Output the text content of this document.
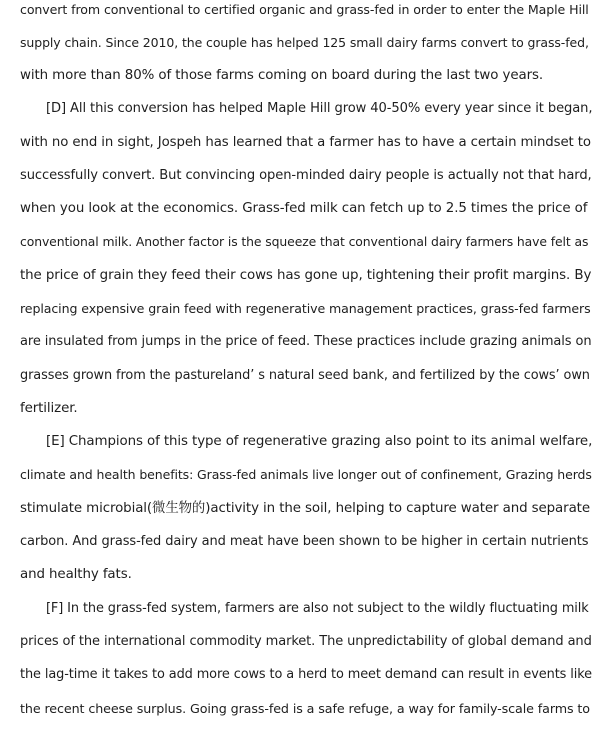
convert from conventional to certified organic and grass-fed in order to enter the Maple Hill
supply chain. Since 2010, the couple has helped 125 small dairy farms convert to grass-fed,
with more than 80% of those farms coming on board during the last two years.
[D] All this conversion has helped Maple Hill grow 40-50% every year since it began,
with no end in sight, Jospeh has learned that a farmer has to have a certain mindset to
successfully convert. But convincing open-minded dairy people is actually not that hard,
when you look at the economics. Grass-fed milk can fetch up to 2.5 times the price of
conventional milk. Another factor is the squeeze that conventional dairy farmers have felt as
the price of grain they feed their cows has gone up, tightening their profit margins. By
replacing expensive grain feed with regenerative management practices, grass-fed farmers
are insulated from jumps in the price of feed. These practices include grazing animals on
grasses grown from the pastureland’ s natural seed bank, and fertilized by the cows’ own
fertilizer.
[E] Champions of this type of regenerative grazing also point to its animal welfare,
climate and health benefits: Grass-fed animals live longer out of confinement, Grazing herds
stimulate microbial(微生物的)activity in the soil, helping to capture water and separate
carbon. And grass-fed dairy and meat have been shown to be higher in certain nutrients
and healthy fats.
[F] In the grass-fed system, farmers are also not subject to the wildly fluctuating milk
prices of the international commodity market. The unpredictability of global demand and
the lag-time it takes to add more cows to a herd to meet demand can result in events like
the recent cheese surplus. Going grass-fed is a safe refuge, a way for family-scale farms to
